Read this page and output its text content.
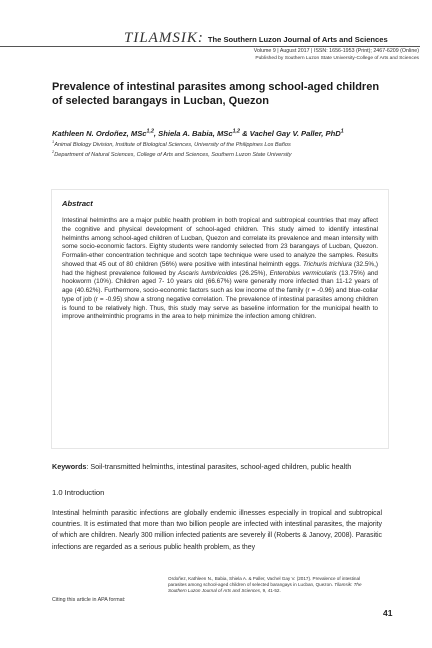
TILAMSIK: The Southern Luzon Journal of Arts and Sciences
Volume 9 | August 2017 | ISSN: 1656-1953 (Print); 2467-6209 (Online)
Published by Southern Luzon State University-College of Arts and Sciences
Prevalence of intestinal parasites among school-aged children of selected barangays in Lucban, Quezon
Kathleen N. Ordoñez, MSc$^{1,2}$, Shiela A. Babia, MSc$^{1,2}$ & Vachel Gay V. Paller, PhD$^1$
$^1$Animal Biology Division, Institute of Biological Sciences, University of the Philippines Los Baños
$^2$Department of Natural Sciences, College of Arts and Sciences, Southern Luzon State University
Abstract

Intestinal helminths are a major public health problem in both tropical and subtropical countries that may affect the cognitive and physical development of school-aged children. This study aimed to identify intestinal helminths among school-aged children of Lucban, Quezon and correlate its prevalence and mean intensity with some socio-economic factors. Eighty students were randomly selected from 23 barangays of Lucban, Quezon. Formalin-ether concentration technique and scotch tape technique were used to analyze the samples. Results showed that 45 out of 80 children (56%) were positive with intestinal helminth eggs. Trichuris trichiura (32.5%,) had the highest prevalence followed by Ascaris lumbricoides (26.25%), Enterobius vermicularis (13.75%) and hookworm (10%). Children aged 7- 10 years old (66.67%) were generally more infected than 11-12 years of age (40.62%). Furthermore, socio-economic factors such as low income of the family (r = -0.96) and blue-collar type of job (r = -0.95) show a strong negative correlation. The prevalence of intestinal parasites among children is found to be relatively high. Thus, this study may serve as baseline information for the municipal health to improve anthelminthic programs in the area to help minimize the infection among children.

Keywords: Soil-transmitted helminths, intestinal parasites, school-aged children, public health

1.0 Introduction

Intestinal helminth parasitic infections are globally endemic illnesses especially in tropical and subtropical countries. It is estimated that more than two billion people are infected with intestinal parasites, the majority of which are children. Nearly 300 million infected patients are severely ill (Roberts & Janovy, 2008). Parasitic infections are regarded as a serious public health problem, as they

Citing this article in APA format:
Ordoñez, Kathleen N., Babia, Shiela A. & Paller, Vachel Gay V. (2017). Prevalence of intestinal parasites among school-aged children of selected barangays in Lucban, Quezon. Tilamsik: The Southern Luzon Journal of Arts and Sciences, 9, 41-52.
41
